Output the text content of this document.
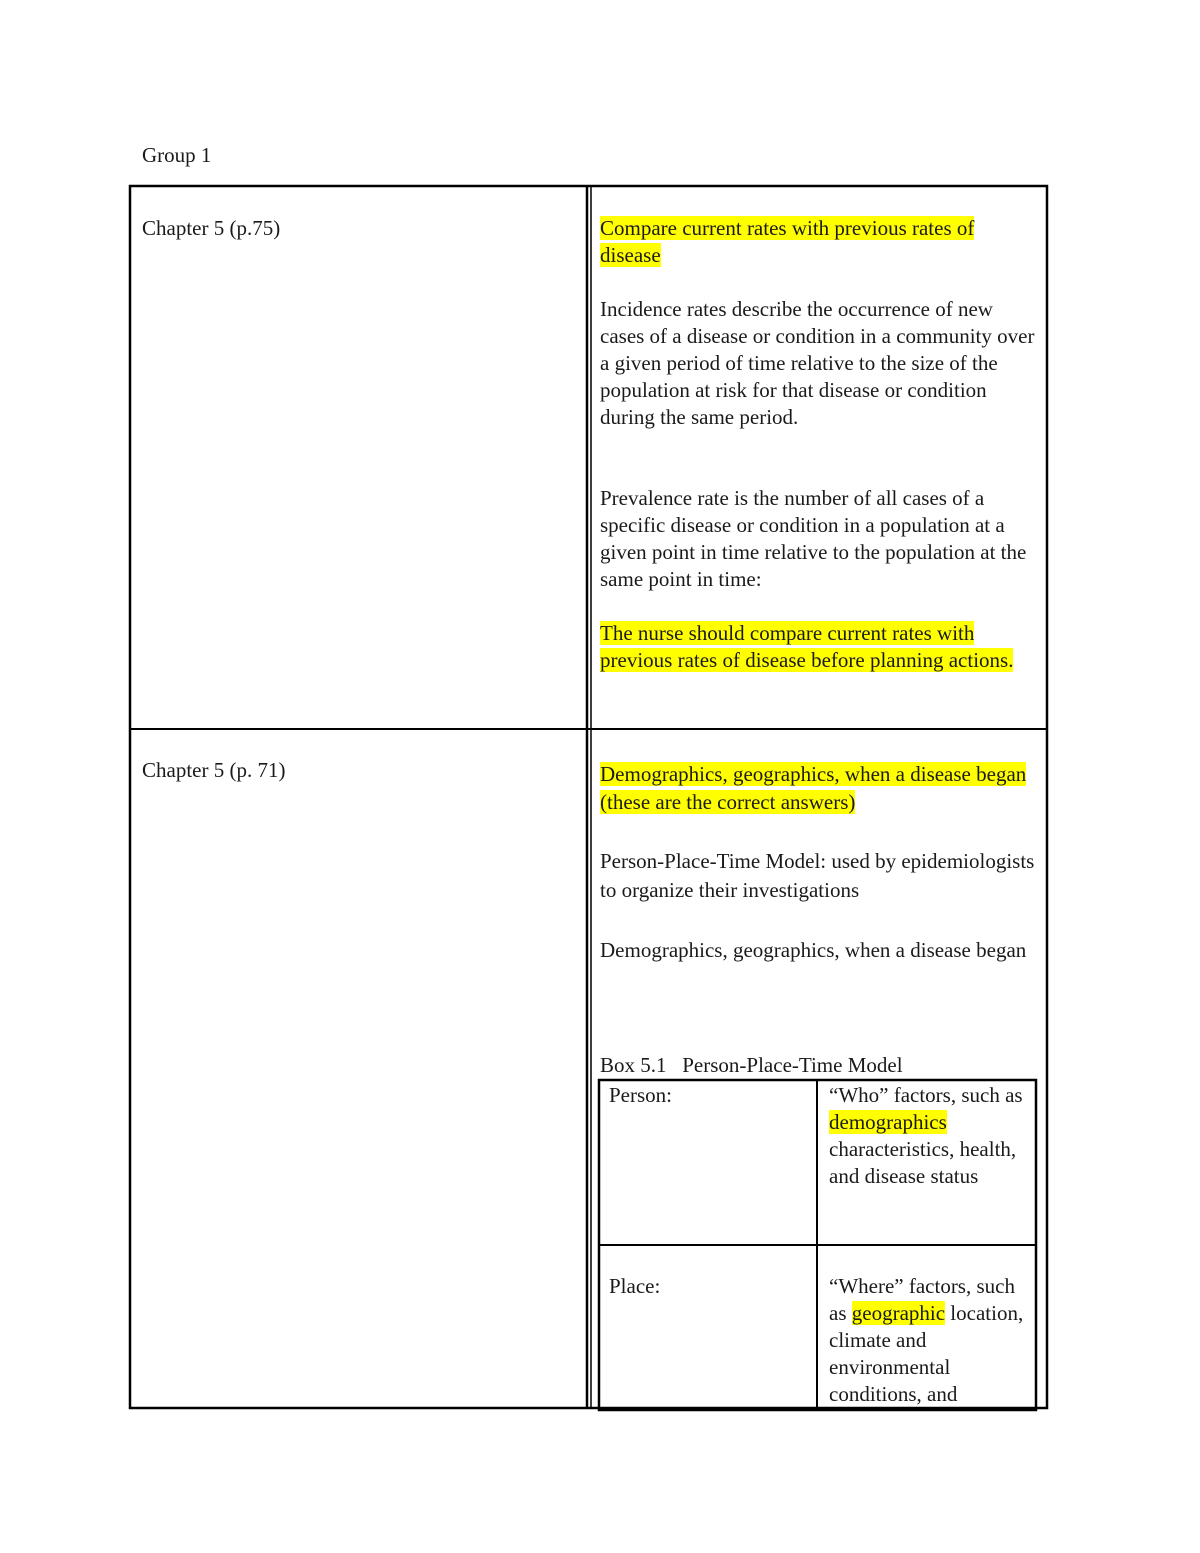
Group 1
Chapter 5 (p.75)	Compare current rates with previous rates of disease

Incidence rates describe the occurrence of new cases of a disease or condition in a community over a given period of time relative to the size of the population at risk for that disease or condition during the same period.

Prevalence rate is the number of all cases of a specific disease or condition in a population at a given point in time relative to the population at the same point in time:

The nurse should compare current rates with previous rates of disease before planning actions.

Chapter 5 (p. 71)	Demographics, geographics, when a disease began (these are the correct answers)

Person-Place-Time Model: used by epidemiologists to organize their investigations

Demographics, geographics, when a disease began

Box 5.1   Person-Place-Time Model
Person:	“Who” factors, such as demographics characteristics, health, and disease status
Place:	“Where” factors, such as geographic location, climate and environmental conditions, and
